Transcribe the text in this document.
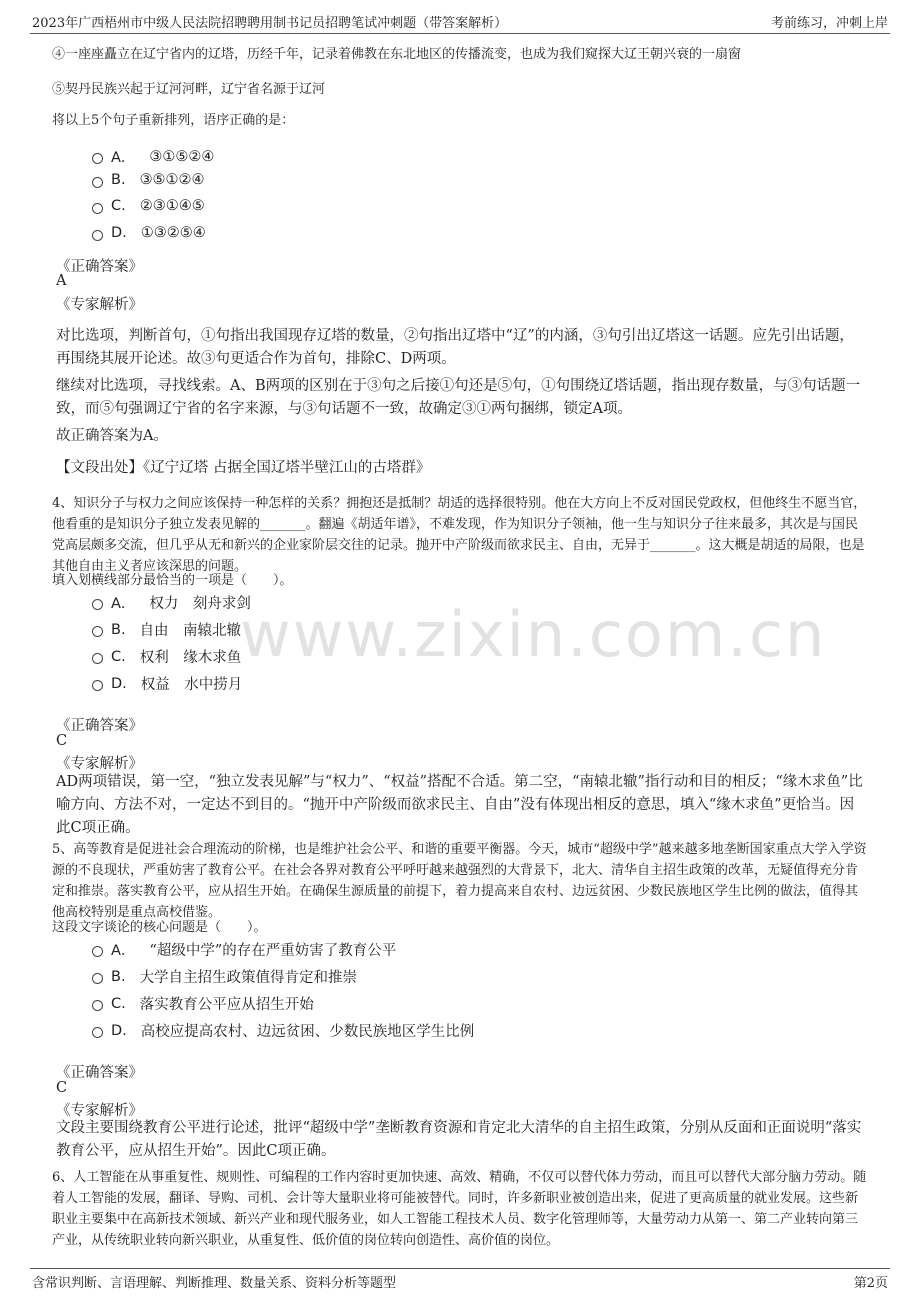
2023年广西梧州市中级人民法院招聘聘用制书记员招聘笔试冲刺题（带答案解析）	考前练习，冲刺上岸
www.zixin.com.cn

④一座座矗立在辽宁省内的辽塔，历经千年，记录着佛教在东北地区的传播流变，也成为我们窥探大辽王朝兴衰的一扇窗

⑤契丹民族兴起于辽河河畔，辽宁省名源于辽河

将以上5个句子重新排列，语序正确的是：

A． ③①⑤②④
B. ③⑤①②④
C. ②③①④⑤
D. ①③②⑤④
《正确答案》
A
《专家解析》

对比选项，判断首句，①句指出我国现存辽塔的数量，②句指出辽塔中“辽”的内涵，③句引出辽塔这一话题。应先引出话题，再围绕其展开论述。故③句更适合作为首句，排除C、D两项。

继续对比选项，寻找线索。A、B两项的区别在于③句之后接①句还是⑤句，①句围绕辽塔话题，指出现存数量，与③句话题一致，而⑤句强调辽宁省的名字来源，与③句话题不一致，故确定③①两句捆绑，锁定A项。

故正确答案为A。

【文段出处】《辽宁辽塔 占据全国辽塔半壁江山的古塔群》

4、知识分子与权力之间应该保持一种怎样的关系？拥抱还是抵制？胡适的选择很特别。他在大方向上不反对国民党政权，但他终生不愿当官，他看重的是知识分子独立发表见解的_______。翻遍《胡适年谱》，不难发现，作为知识分子领袖，他一生与知识分子往来最多，其次是与国民党高层颇多交流，但几乎从无和新兴的企业家阶层交往的记录。抛开中产阶级而欲求民主、自由，无异于_______。这大概是胡适的局限，也是其他自由主义者应该深思的问题。

填入划横线部分最恰当的一项是（　　）。

A． 权力　刻舟求剑
B. 自由　南辕北辙
C. 权利　缘木求鱼
D. 权益　水中捞月
《正确答案》
C
《专家解析》

AD两项错误，第一空，“独立发表见解”与“权力”、“权益”搭配不合适。第二空，“南辕北辙”指行动和目的相反；“缘木求鱼”比喻方向、方法不对，一定达不到目的。“抛开中产阶级而欲求民主、自由”没有体现出相反的意思，填入“缘木求鱼”更恰当。因此C项正确。

5、高等教育是促进社会合理流动的阶梯，也是维护社会公平、和谐的重要平衡器。今天，城市“超级中学”越来越多地垄断国家重点大学入学资源的不良现状，严重妨害了教育公平。在社会各界对教育公平呼吁越来越强烈的大背景下，北大、清华自主招生政策的改革，无疑值得充分肯定和推崇。落实教育公平，应从招生开始。在确保生源质量的前提下，着力提高来自农村、边远贫困、少数民族地区学生比例的做法，值得其他高校特别是重点高校借鉴。

这段文字谈论的核心问题是（　　）。

A． “超级中学”的存在严重妨害了教育公平
B. 大学自主招生政策值得肯定和推崇
C. 落实教育公平应从招生开始
D. 高校应提高农村、边远贫困、少数民族地区学生比例
《正确答案》
C
《专家解析》

文段主要围绕教育公平进行论述，批评“超级中学”垄断教育资源和肯定北大清华的自主招生政策，分别从反面和正面说明“落实教育公平，应从招生开始”。因此C项正确。

6、人工智能在从事重复性、规则性、可编程的工作内容时更加快速、高效、精确，不仅可以替代体力劳动，而且可以替代大部分脑力劳动。随着人工智能的发展，翻译、导购、司机、会计等大量职业将可能被替代。同时，许多新职业被创造出来，促进了更高质量的就业发展。这些新职业主要集中在高新技术领域、新兴产业和现代服务业，如人工智能工程技术人员、数字化管理师等，大量劳动力从第一、第二产业转向第三产业，从传统职业转向新兴职业，从重复性、低价值的岗位转向创造性、高价值的岗位。

含常识判断、言语理解、判断推理、数量关系、资料分析等题型	第2页
